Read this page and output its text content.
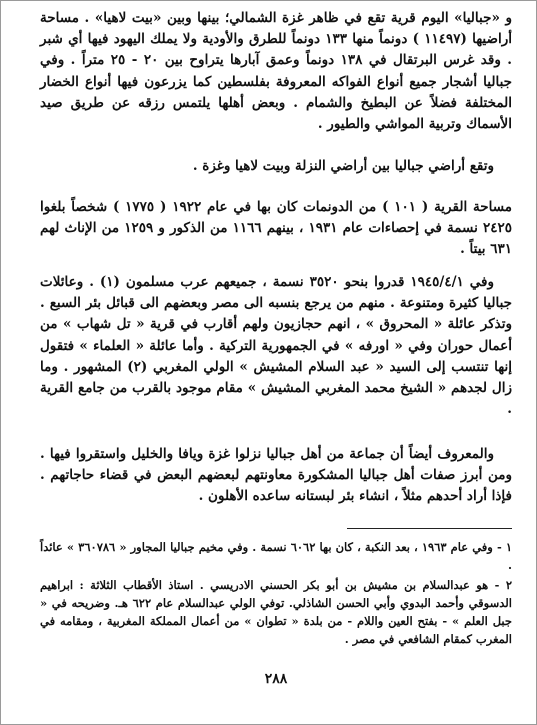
و «جباليا» اليوم قرية تقع في ظاهر غزة الشمالي؛ بينها وبين «بيت لاهيا» . مساحة أراضيها (١١٤٩٧ ) دونماً منها ١٣٣ دونماً للطرق والأودية ولا يملك اليهود فيها أي شبر . وقد غرس البرتقال في ١٣٨ دونماً وعمق آبارها يتراوح بين ٢٠ - ٢٥ متراً . وفي جباليا أشجار جميع أنواع الفواكه المعروفة بفلسطين كما يزرعون فيها أنواع الخضار المختلفة فضلاً عن البطيخ والشمام . وبعض أهلها يلتمس رزقه عن طريق صيد الأسماك وتربية المواشي والطيور .

وتقع أراضي جباليا بين أراضي النزلة وبيت لاهيا وغزة .

مساحة القرية ( ١٠١ ) من الدونمات كان بها في عام ١٩٢٢ ( ١٧٧٥ ) شخصاً بلغوا ٢٤٢٥ نسمة في إحصاءات عام ١٩٣١ ، بينهم ١١٦٦ من الذكور و ١٢٥٩ من الإناث لهم ٦٣١ بيتاً .

وفي ١٩٤٥/٤/١ قدروا بنحو ٣٥٢٠ نسمة ، جميعهم عرب مسلمون (١) . وعائلات جباليا كثيرة ومتنوعة . منهم من يرجع بنسبه الى مصر وبعضهم الى قبائل بئر السبع . وتذكر عائلة « المحروق » ، انهم حجازيون ولهم أقارب في قرية « تل شهاب » من أعمال حوران وفي « اورفه » في الجمهورية التركية . وأما عائلة « العلماء » فتقول إنها تنتسب إلى السيد « عبد السلام المشيش » الولي المغربي (٢) المشهور . وما زال لجدهم « الشيخ محمد المغربي المشيش » مقام موجود بالقرب من جامع القرية .

والمعروف أيضاً أن جماعة من أهل جباليا نزلوا غزة ويافا والخليل واستقروا فيها . ومن أبرز صفات أهل جباليا المشكورة معاونتهم لبعضهم البعض في قضاء حاجاتهم . فإذا أراد أحدهم مثلاً ، انشاء بئر لبستانه ساعده الأهلون .

١ - وفي عام ١٩٦٣ ، بعد النكبة ، كان بها ٦٠٦٢ نسمة . وفي مخيم جباليا المجاور « ٣٦٠٧٨٦ » عائداً .

٢ - هو عبدالسلام بن مشيش بن أبو بكر الحسني الادريسي . استاذ الأقطاب الثلاثة : ابراهيم الدسوقي وأحمد البدوي وأبي الحسن الشاذلي. توفي الولي عبدالسلام عام ٦٢٢ هـ. وضريحه في « جبل العلم » - بفتح العين واللام - من بلدة « تطوان » من أعمال المملكة المغربية ، ومقامه في المغرب كمقام الشافعي في مصر .

٢٨٨
